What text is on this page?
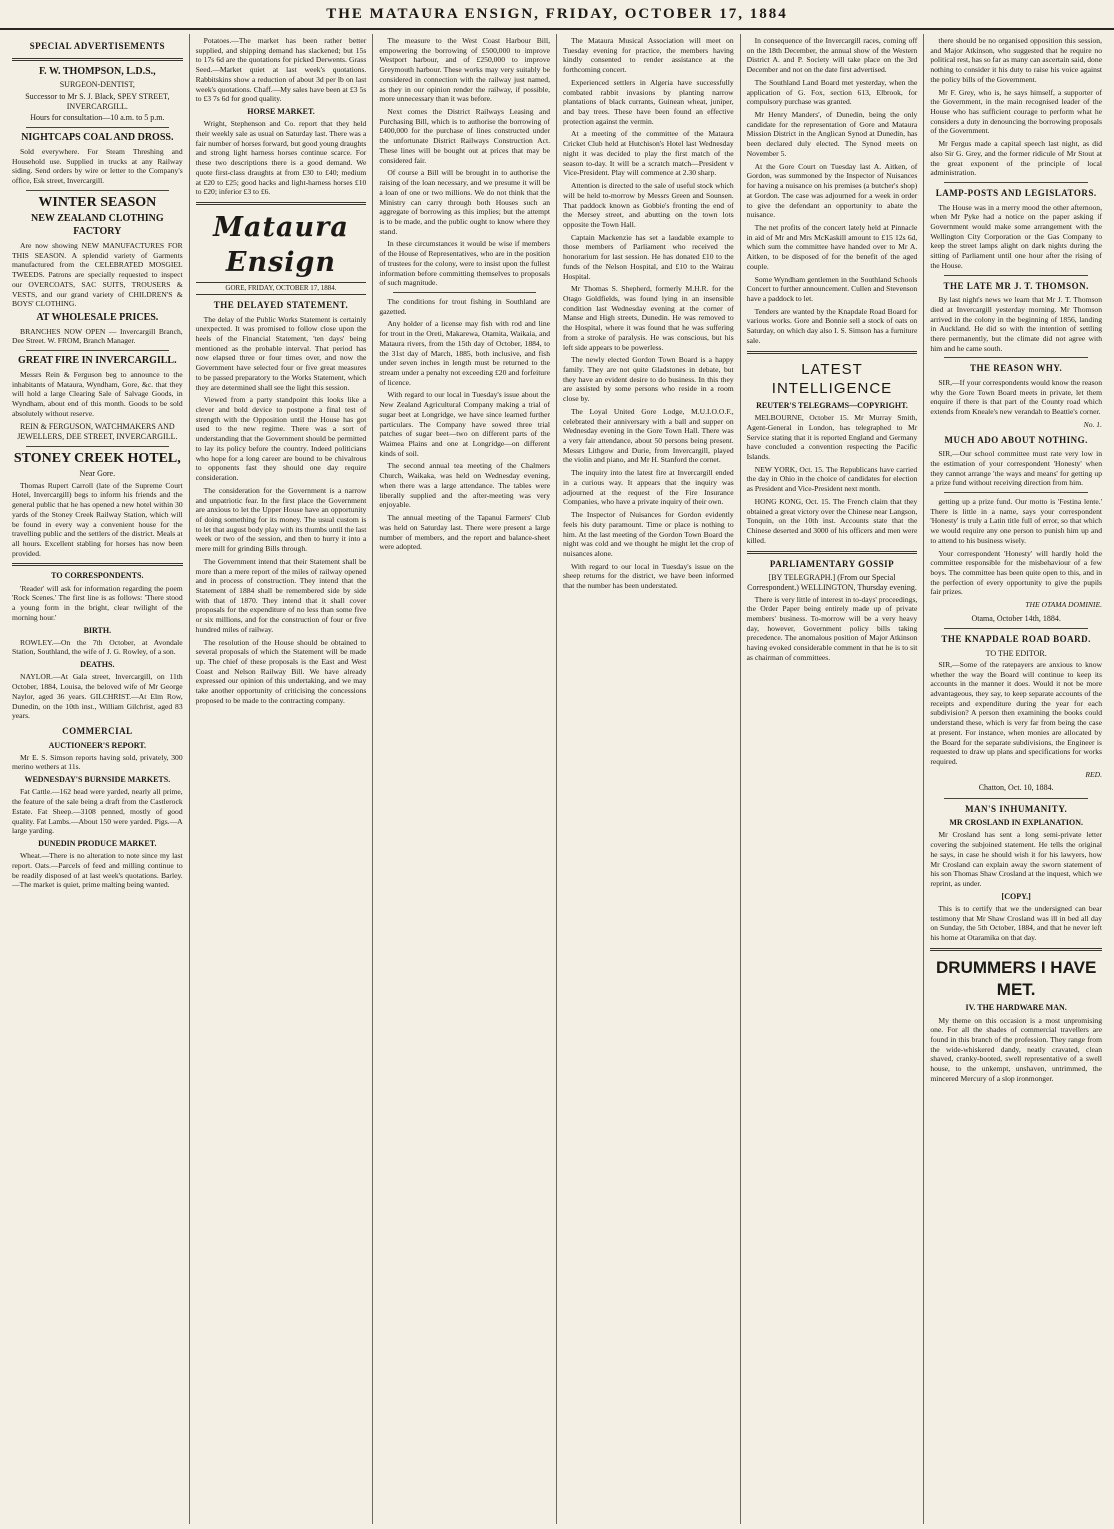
THE MATAURA ENSIGN, FRIDAY, OCTOBER 17, 1884
SPECIAL ADVERTISEMENTS
F. W. THOMPSON, L.D.S.,
SURGEON-DENTIST,
Successor to Mr S. J. Black, SPEY STREET, INVERCARGILL.
Hours for consultation—10 a.m. to 5 p.m.
NIGHTCAPS COAL AND DROSS.

Sold everywhere. For Steam Threshing and Household use. Supplied in trucks at any Railway siding. Send orders by wire or letter to the Company's office, Esk street, Invercargill.

WINTER SEASON
NEW ZEALAND CLOTHING FACTORY

Are now showing NEW MANUFACTURES FOR THIS SEASON. A splendid variety of Garments manufactured from the CELEBRATED MOSGIEL TWEEDS. Patrons are specially requested to inspect our OVERCOATS, SAC SUITS, TROUSERS & VESTS, and our grand variety of CHILDREN'S & BOYS' CLOTHING.

AT WHOLESALE PRICES.

BRANCHES NOW OPEN — Invercargill Branch, Dee Street. W. FROM, Branch Manager.

GREAT FIRE IN INVERCARGILL.

Messrs Rein & Ferguson beg to announce to the inhabitants of Mataura, Wyndham, Gore, &c. that they will hold a large Clearing Sale of Salvage Goods, in Wyndham, about end of this month. Goods to be sold absolutely without reserve.

REIN & FERGUSON, WATCHMAKERS AND JEWELLERS, DEE STREET, INVERCARGILL.
STONEY CREEK HOTEL,
Near Gore.

Thomas Rupert Carroll (late of the Supreme Court Hotel, Invercargill) begs to inform his friends and the general public that he has opened a new hotel within 30 yards of the Stoney Creek Railway Station, which will be found in every way a convenient house for the travelling public and the settlers of the district. Meals at all hours. Excellent stabling for horses has now been provided.

TO CORRESPONDENTS.

'Reader' will ask for information regarding the poem 'Rock Scenes.' The first line is as follows: 'There stood a young form in the bright, clear twilight of the morning hour.'

BIRTH.

ROWLEY.—On the 7th October, at Avondale Station, Southland, the wife of J. G. Rowley, of a son.

DEATHS.

NAYLOR.—At Gala street, Invercargill, on 11th October, 1884, Louisa, the beloved wife of Mr George Naylor, aged 36 years. GILCHRIST.—At Elm Row, Dunedin, on the 10th inst., William Gilchrist, aged 83 years.

COMMERCIAL
AUCTIONEER'S REPORT.

Mr E. S. Simson reports having sold, privately, 300 merino wethers at 11s.

WEDNESDAY'S BURNSIDE MARKETS.

Fat Cattle.—162 head were yarded, nearly all prime, the feature of the sale being a draft from the Castlerock Estate. Fat Sheep.—3108 penned, mostly of good quality. Fat Lambs.—About 150 were yarded. Pigs.—A large yarding.

DUNEDIN PRODUCE MARKET.

Wheat.—There is no alteration to note since my last report. Oats.—Parcels of feed and milling continue to be readily disposed of at last week's quotations. Barley.—The market is quiet, prime malting being wanted.

Potatoes.—The market has been rather better supplied, and shipping demand has slackened; but 15s to 17s 6d are the quotations for picked Derwents. Grass Seed.—Market quiet at last week's quotations. Rabbitskins show a reduction of about 3d per lb on last week's quotations. Chaff.—My sales have been at £3 5s to £3 7s 6d for good quality.

HORSE MARKET.

Wright, Stephenson and Co. report that they held their weekly sale as usual on Saturday last. There was a fair number of horses forward, but good young draughts and strong light harness horses continue scarce. For these two descriptions there is a good demand. We quote first-class draughts at from £30 to £40; medium at £20 to £25; good hacks and light-harness horses £10 to £20; inferior £3 to £6.

Mataura Ensign
GORE, FRIDAY, OCTOBER 17, 1884.
THE DELAYED STATEMENT.

The delay of the Public Works Statement is certainly unexpected. It was promised to follow close upon the heels of the Financial Statement, 'ten days' being mentioned as the probable interval. That period has now elapsed three or four times over, and now the Government have selected four or five great measures to be passed preparatory to the Works Statement, which they are determined shall see the light this session.

Viewed from a party standpoint this looks like a clever and bold device to postpone a final test of strength with the Opposition until the House has got used to the new regime. There was a sort of understanding that the Government should be permitted to lay its policy before the country. Indeed politicians who hope for a long career are bound to be chivalrous to opponents fast they should one day require consideration.

The consideration for the Government is a narrow and unpatriotic fear. In the first place the Government are anxious to let the Upper House have an opportunity of doing something for its money. The usual custom is to let that august body play with its thumbs until the last week or two of the session, and then to hurry it into a mere mill for grinding Bills through.

The Government intend that their Statement shall be more than a mere report of the miles of railway opened and in process of construction. They intend that the Statement of 1884 shall be remembered side by side with that of 1870. They intend that it shall cover proposals for the expenditure of no less than some five or six millions, and for the construction of four or five hundred miles of railway.

The resolution of the House should be obtained to several proposals of which the Statement will be made up. The chief of these proposals is the East and West Coast and Nelson Railway Bill. We have already expressed our opinion of this undertaking, and we may take another opportunity of criticising the concessions proposed to be made to the contracting company.

The measure to the West Coast Harbour Bill, empowering the borrowing of £500,000 to improve Westport harbour, and of £250,000 to improve Greymouth harbour. These works may very suitably be considered in connection with the railway just named, as they in our opinion render the railway, if possible, more unnecessary than it was before.

Next comes the District Railways Leasing and Purchasing Bill, which is to authorise the borrowing of £400,000 for the purchase of lines constructed under the unfortunate District Railways Construction Act. These lines will be bought out at prices that may be considered fair.

Of course a Bill will be brought in to authorise the raising of the loan necessary, and we presume it will be a loan of one or two millions. We do not think that the Ministry can carry through both Houses such an aggregate of borrowing as this implies; but the attempt is to be made, and the public ought to know where they stand.

In these circumstances it would be wise if members of the House of Representatives, who are in the position of trustees for the colony, were to insist upon the fullest information before committing themselves to proposals of such magnitude.

The conditions for trout fishing in Southland are gazetted.

Any holder of a license may fish with rod and line for trout in the Oreti, Makarewa, Otamita, Waikaia, and Mataura rivers, from the 15th day of October, 1884, to the 31st day of March, 1885, both inclusive, and fish under seven inches in length must be returned to the stream under a penalty not exceeding £20 and forfeiture of licence.

With regard to our local in Tuesday's issue about the New Zealand Agricultural Company making a trial of sugar beet at Longridge, we have since learned further particulars. The Company have sowed three trial patches of sugar beet—two on different parts of the Waimea Plains and one at Longridge—on different kinds of soil.

The second annual tea meeting of the Chalmers Church, Waikaka, was held on Wednesday evening, when there was a large attendance. The tables were liberally supplied and the after-meeting was very enjoyable.

The annual meeting of the Tapanui Farmers' Club was held on Saturday last. There were present a large number of members, and the report and balance-sheet were adopted.

The Mataura Musical Association will meet on Tuesday evening for practice, the members having kindly consented to render assistance at the forthcoming concert.

Experienced settlers in Algeria have successfully combated rabbit invasions by planting narrow plantations of black currants, Guinean wheat, juniper, and bay trees. These have been found an effective protection against the vermin.

At a meeting of the committee of the Mataura Cricket Club held at Hutchison's Hotel last Wednesday night it was decided to play the first match of the season to-day. It will be a scratch match—President v Vice-President. Play will commence at 2.30 sharp.

Attention is directed to the sale of useful stock which will be held to-morrow by Messrs Green and Sounsen. That paddock known as Gobbie's fronting the end of the Mersey street, and abutting on the town lots opposite the Town Hall.

Captain Mackenzie has set a laudable example to those members of Parliament who received the honorarium for last session. He has donated £10 to the funds of the Nelson Hospital, and £10 to the Wairau Hospital.

Mr Thomas S. Shepherd, formerly M.H.R. for the Otago Goldfields, was found lying in an insensible condition last Wednesday evening at the corner of Manse and High streets, Dunedin. He was removed to the Hospital, where it was found that he was suffering from a stroke of paralysis. He was conscious, but his left side appears to be powerless.

The newly elected Gordon Town Board is a happy family. They are not quite Gladstones in debate, but they have an evident desire to do business. In this they are assisted by some persons who reside in a room close by.

The Loyal United Gore Lodge, M.U.I.O.O.F., celebrated their anniversary with a ball and supper on Wednesday evening in the Gore Town Hall. There was a very fair attendance, about 50 persons being present. Messrs Lithgow and Durie, from Invercargill, played the violin and piano, and Mr H. Stanford the cornet.

The inquiry into the latest fire at Invercargill ended in a curious way. It appears that the inquiry was adjourned at the request of the Fire Insurance Companies, who have a private inquiry of their own.

The Inspector of Nuisances for Gordon evidently feels his duty paramount. Time or place is nothing to him. At the last meeting of the Gordon Town Board the night was cold and we thought he might let the crop of nuisances alone.

With regard to our local in Tuesday's issue on the sheep returns for the district, we have been informed that the number has been understated.

In consequence of the Invercargill races, coming off on the 18th December, the annual show of the Western District A. and P. Society will take place on the 3rd December and not on the date first advertised.

The Southland Land Board met yesterday, when the application of G. Fox, section 613, Elbrook, for compulsory purchase was granted.

Mr Henry Manders', of Dunedin, being the only candidate for the representation of Gore and Mataura Mission District in the Anglican Synod at Dunedin, has been declared duly elected. The Synod meets on November 5.

At the Gore Court on Tuesday last A. Aitken, of Gordon, was summoned by the Inspector of Nuisances for having a nuisance on his premises (a butcher's shop) at Gordon. The case was adjourned for a week in order to give the defendant an opportunity to abate the nuisance.

The net profits of the concert lately held at Pinnacle in aid of Mr and Mrs McKaskill amount to £15 12s 6d, which sum the committee have handed over to Mr A. Aitken, to be disposed of for the benefit of the aged couple.

Some Wyndham gentlemen in the Southland Schools Concert to further announcement. Cullen and Stevenson have a paddock to let.

Tenders are wanted by the Knapdale Road Board for various works. Gore and Bonnie sell a stock of oats on Saturday, on which day also I. S. Simson has a furniture sale.

LATEST INTELLIGENCE
REUTER'S TELEGRAMS—COPYRIGHT.

MELBOURNE, October 15. Mr Murray Smith, Agent-General in London, has telegraphed to Mr Service stating that it is reported England and Germany have concluded a convention respecting the Pacific Islands.

NEW YORK, Oct. 15. The Republicans have carried the day in Ohio in the choice of candidates for election as President and Vice-President next month.

HONG KONG, Oct. 15. The French claim that they obtained a great victory over the Chinese near Langson, Tonquin, on the 10th inst. Accounts state that the Chinese deserted and 3000 of his officers and men were killed.

PARLIAMENTARY GOSSIP
[BY TELEGRAPH.] (From our Special Correspondent.) WELLINGTON, Thursday evening.

There is very little of interest in to-days' proceedings, the Order Paper being entirely made up of private members' business. To-morrow will be a very heavy day, however, Government policy bills taking precedence. The anomalous position of Major Atkinson having evoked considerable comment in that he is to sit as chairman of committees.

there should be no organised opposition this session, and Major Atkinson, who suggested that he require no political rest, has so far as many can ascertain said, done nothing to consider it his duty to raise his voice against the policy bills of the Government.

Mr F. Grey, who is, he says himself, a supporter of the Government, in the main recognised leader of the House who has sufficient courage to perform what he considers a duty in denouncing the borrowing proposals of the Government.

Mr Fergus made a capital speech last night, as did also Sir G. Grey, and the former ridicule of Mr Stout at the great exponent of the principle of local administration.

LAMP-POSTS AND LEGISLATORS.

The House was in a merry mood the other afternoon, when Mr Pyke had a notice on the paper asking if Government would make some arrangement with the Wellington City Corporation or the Gas Company to keep the street lamps alight on dark nights during the sitting of Parliament until one hour after the rising of the House.

THE LATE MR J. T. THOMSON.

By last night's news we learn that Mr J. T. Thomson died at Invercargill yesterday morning. Mr Thomson arrived in the colony in the beginning of 1856, landing in Auckland. He did so with the intention of settling there permanently, but the climate did not agree with him and he came south.

THE REASON WHY.

SIR,—If your correspondents would know the reason why the Gore Town Board meets in private, let them enquire if there is that part of the County road which extends from Kneale's new verandah to Beattie's corner.

No. 1.
MUCH ADO ABOUT NOTHING.

SIR,—Our school committee must rate very low in the estimation of your correspondent 'Honesty' when they cannot arrange 'the ways and means' for getting up a prize fund without receiving direction from him.

getting up a prize fund. Our motto is 'Festina lente.' There is little in a name, says your correspondent 'Honesty' is truly a Latin title full of error, so that which we would require any one person to punish him up and to attend to his business wisely.

Your correspondent 'Honesty' will hardly hold the committee responsible for the misbehaviour of a few boys. The committee has been quite open to this, and in the perfection of every opportunity to give the pupils fair prizes.

THE OTAMA DOMINIE.
Otama, October 14th, 1884.
THE KNAPDALE ROAD BOARD.
TO THE EDITOR.

SIR,—Some of the ratepayers are anxious to know whether the way the Board will continue to keep its accounts in the manner it does. Would it not be more advantageous, they say, to keep separate accounts of the receipts and expenditure during the year for each subdivision? A person then examining the books could understand these, which is very far from being the case at present. For instance, when monies are allocated by the Board for the separate subdivisions, the Engineer is requested to draw up plans and specifications for works required.

RED.
Chatton, Oct. 10, 1884.
MAN'S INHUMANITY.
MR CROSLAND IN EXPLANATION.

Mr Crosland has sent a long semi-private letter covering the subjoined statement. He tells the original he says, in case he should wish it for his lawyers, how Mr Crosland can explain away the sworn statement of his son Thomas Shaw Crosland at the inquest, which we reprint, as under.

[COPY.]

This is to certify that we the undersigned can bear testimony that Mr Shaw Crosland was ill in bed all day on Sunday, the 5th October, 1884, and that he never left his home at Otaramika on that day.

DRUMMERS I HAVE MET.
IV. THE HARDWARE MAN.

My theme on this occasion is a most unpromising one. For all the shades of commercial travellers are found in this branch of the profession. They range from the wide-whiskered dandy, neatly cravated, clean shaved, cranky-booted, swell representative of a swell house, to the unkempt, unshaven, untrimmed, the mincered Mercury of a slop ironmonger.
